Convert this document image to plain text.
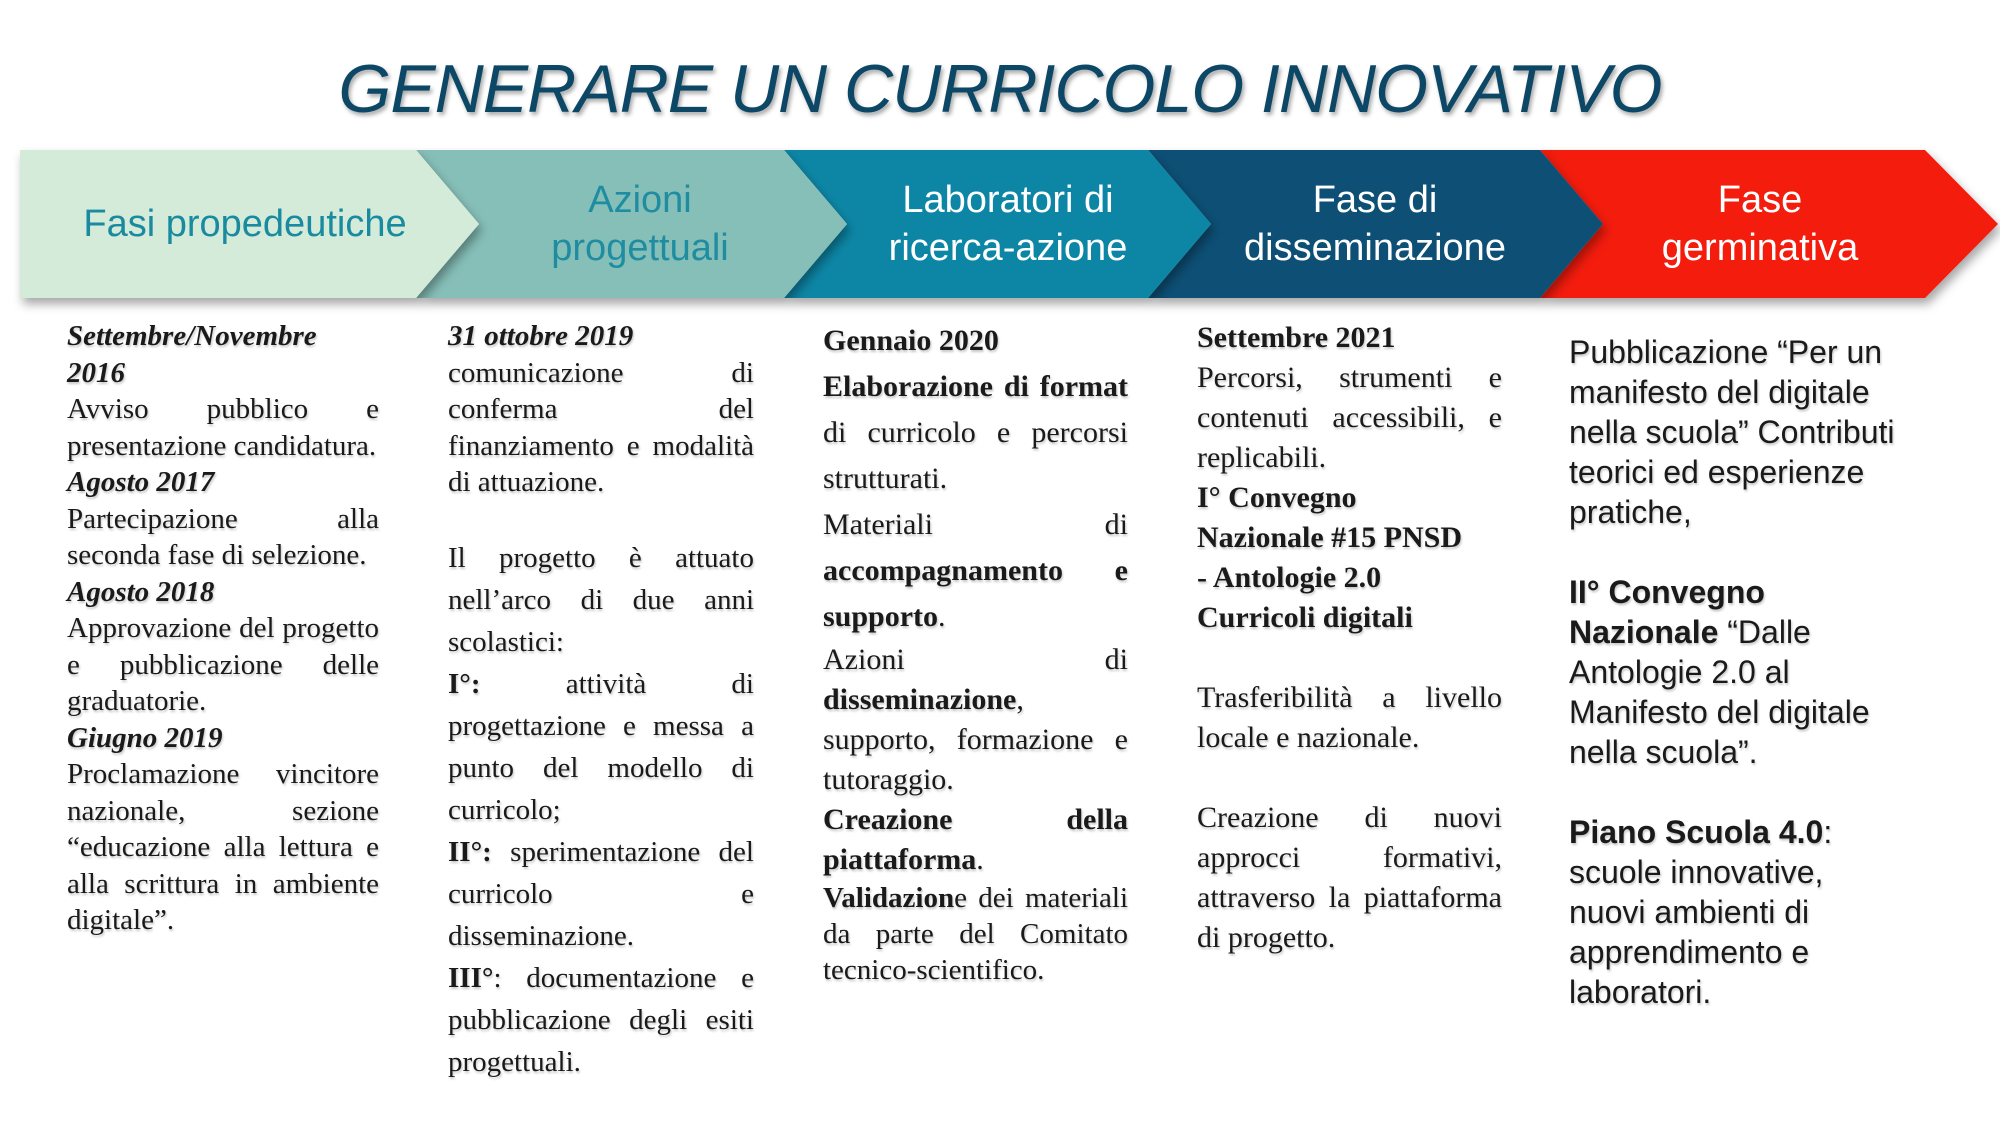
GENERARE UN CURRICOLO INNOVATIVO
Fasi propedeutiche
Azioni progettuali
Laboratori di ricerca-azione
Fase di disseminazione
Fase germinativa

Settembre/Novembre 2016

Avviso pubblico e presentazione candidatura.

Agosto 2017

Partecipazione alla seconda fase di selezione.

Agosto 2018

Approvazione del progetto e pubblicazione delle graduatorie.

Giugno 2019

Proclamazione vincitore nazionale, sezione “educazione alla lettura e alla scrittura in ambiente digitale”.

31 ottobre 2019

comunicazione di conferma del finanziamento e modalità di attuazione.

Il progetto è attuato nell’arco di due anni scolastici:

I°: attività di progettazione e messa a punto del modello di curricolo;

II°: sperimentazione del curricolo e disseminazione.

III°: documentazione e pubblicazione degli esiti progettuali.

Gennaio 2020

Elaborazione di format di curricolo e percorsi strutturati.

Materiali di accompagnamento e supporto.

Azioni di disseminazione, supporto, formazione e tutoraggio.

Creazione della piattaforma.

Validazione dei materiali da parte del Comitato tecnico-scientifico.

Settembre 2021

Percorsi, strumenti e contenuti accessibili, e replicabili.

I° Convegno Nazionale #15 PNSD - Antologie 2.0 Curricoli digitali

Trasferibilità a livello locale e nazionale.

Creazione di nuovi approcci formativi, attraverso la piattaforma di progetto.

Pubblicazione “Per un manifesto del digitale nella scuola” Contributi teorici ed esperienze pratiche,

II° Convegno Nazionale “Dalle Antologie 2.0 al Manifesto del digitale nella scuola”.

Piano Scuola 4.0: scuole innovative, nuovi ambienti di apprendimento e laboratori.
